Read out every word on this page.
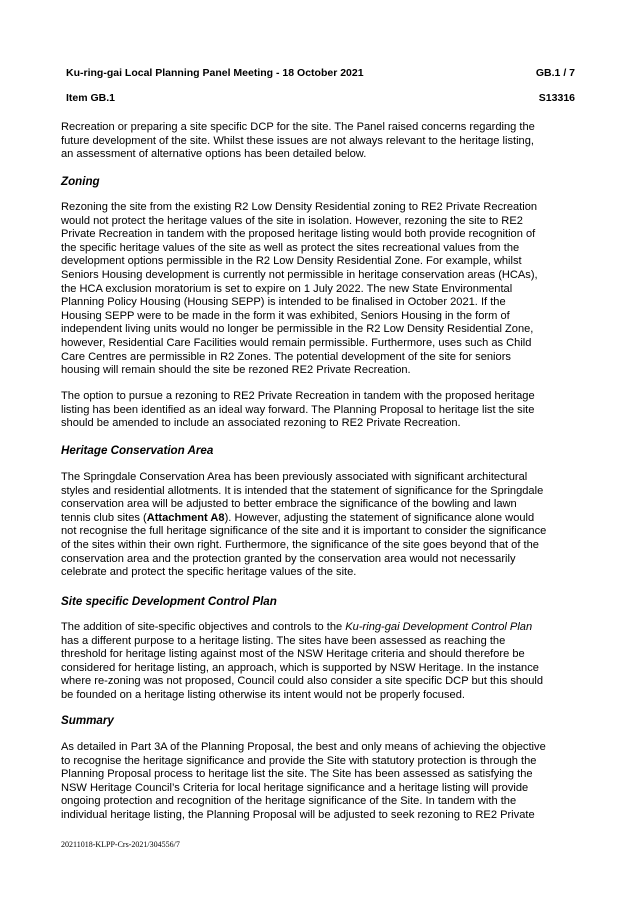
Ku-ring-gai Local Planning Panel Meeting - 18 October 2021	GB.1 / 7
Item GB.1	S13316
Recreation or preparing a site specific DCP for the site. The Panel raised concerns regarding the
future development of the site. Whilst these issues are not always relevant to the heritage listing,
an assessment of alternative options has been detailed below.
Zoning
Rezoning the site from the existing R2 Low Density Residential zoning to RE2 Private Recreation
would not protect the heritage values of the site in isolation. However, rezoning the site to RE2
Private Recreation in tandem with the proposed heritage listing would both provide recognition of
the specific heritage values of the site as well as protect the sites recreational values from the
development options permissible in the R2 Low Density Residential Zone. For example, whilst
Seniors Housing development is currently not permissible in heritage conservation areas (HCAs),
the HCA exclusion moratorium is set to expire on 1 July 2022. The new State Environmental
Planning Policy Housing (Housing SEPP) is intended to be finalised in October 2021. If the
Housing SEPP were to be made in the form it was exhibited, Seniors Housing in the form of
independent living units would no longer be permissible in the R2 Low Density Residential Zone,
however, Residential Care Facilities would remain permissible. Furthermore, uses such as Child
Care Centres are permissible in R2 Zones. The potential development of the site for seniors
housing will remain should the site be rezoned RE2 Private Recreation.
The option to pursue a rezoning to RE2 Private Recreation in tandem with the proposed heritage
listing has been identified as an ideal way forward. The Planning Proposal to heritage list the site
should be amended to include an associated rezoning to RE2 Private Recreation.
Heritage Conservation Area
The Springdale Conservation Area has been previously associated with significant architectural
styles and residential allotments. It is intended that the statement of significance for the Springdale
conservation area will be adjusted to better embrace the significance of the bowling and lawn
tennis club sites (Attachment A8). However, adjusting the statement of significance alone would
not recognise the full heritage significance of the site and it is important to consider the significance
of the sites within their own right. Furthermore, the significance of the site goes beyond that of the
conservation area and the protection granted by the conservation area would not necessarily
celebrate and protect the specific heritage values of the site.
Site specific Development Control Plan
The addition of site-specific objectives and controls to the Ku-ring-gai Development Control Plan
has a different purpose to a heritage listing. The sites have been assessed as reaching the
threshold for heritage listing against most of the NSW Heritage criteria and should therefore be
considered for heritage listing, an approach, which is supported by NSW Heritage. In the instance
where re-zoning was not proposed, Council could also consider a site specific DCP but this should
be founded on a heritage listing otherwise its intent would not be properly focused.
Summary
As detailed in Part 3A of the Planning Proposal, the best and only means of achieving the objective
to recognise the heritage significance and provide the Site with statutory protection is through the
Planning Proposal process to heritage list the site. The Site has been assessed as satisfying the
NSW Heritage Council’s Criteria for local heritage significance and a heritage listing will provide
ongoing protection and recognition of the heritage significance of the Site. In tandem with the
individual heritage listing, the Planning Proposal will be adjusted to seek rezoning to RE2 Private
20211018-KLPP-Crs-2021/304556/7
